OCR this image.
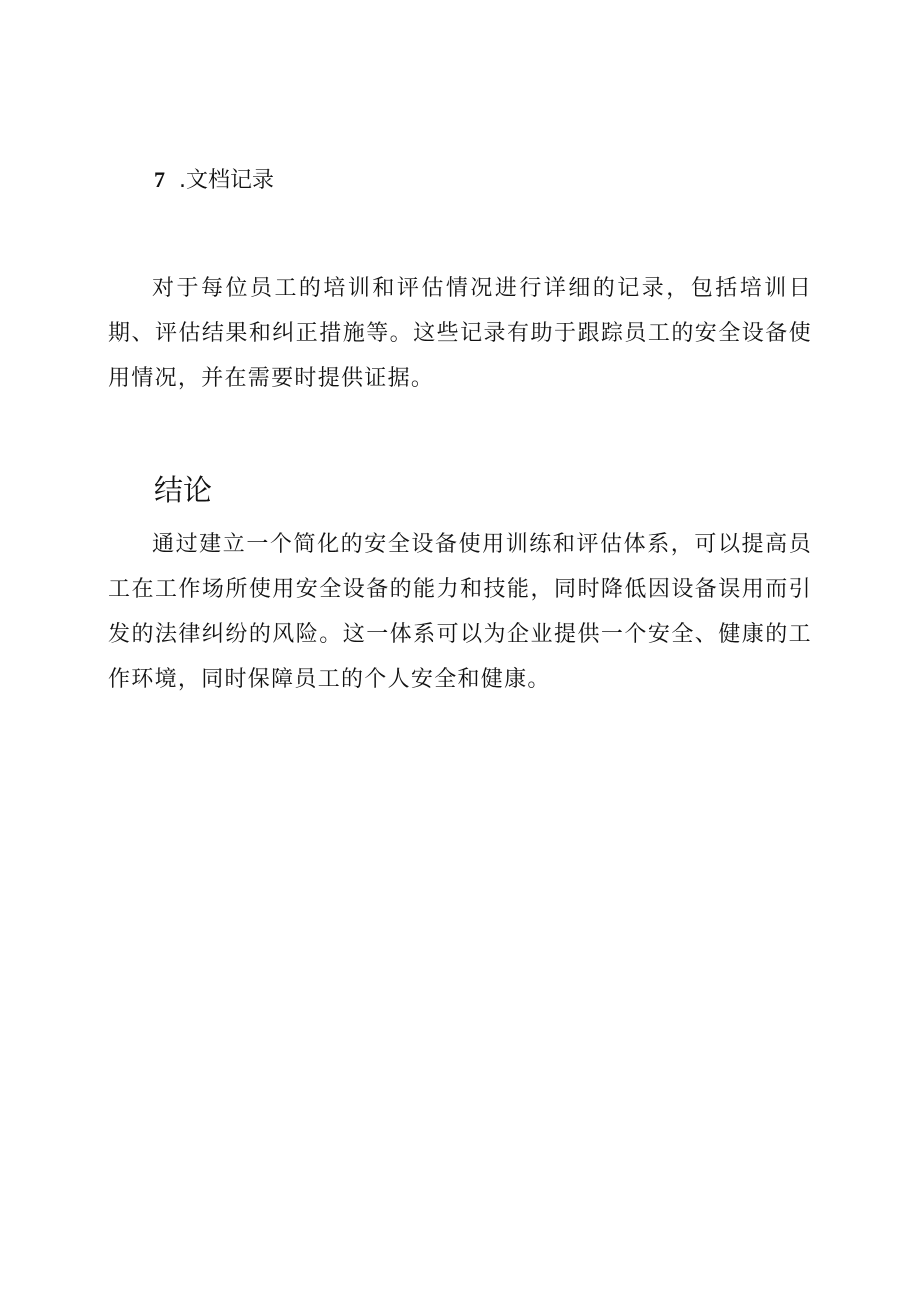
7 .文档记录

对于每位员工的培训和评估情况进行详细的记录，包括培训日期、评估结果和纠正措施等。这些记录有助于跟踪员工的安全设备使用情况，并在需要时提供证据。

结论

通过建立一个简化的安全设备使用训练和评估体系，可以提高员工在工作场所使用安全设备的能力和技能，同时降低因设备误用而引发的法律纠纷的风险。这一体系可以为企业提供一个安全、健康的工作环境，同时保障员工的个人安全和健康。
